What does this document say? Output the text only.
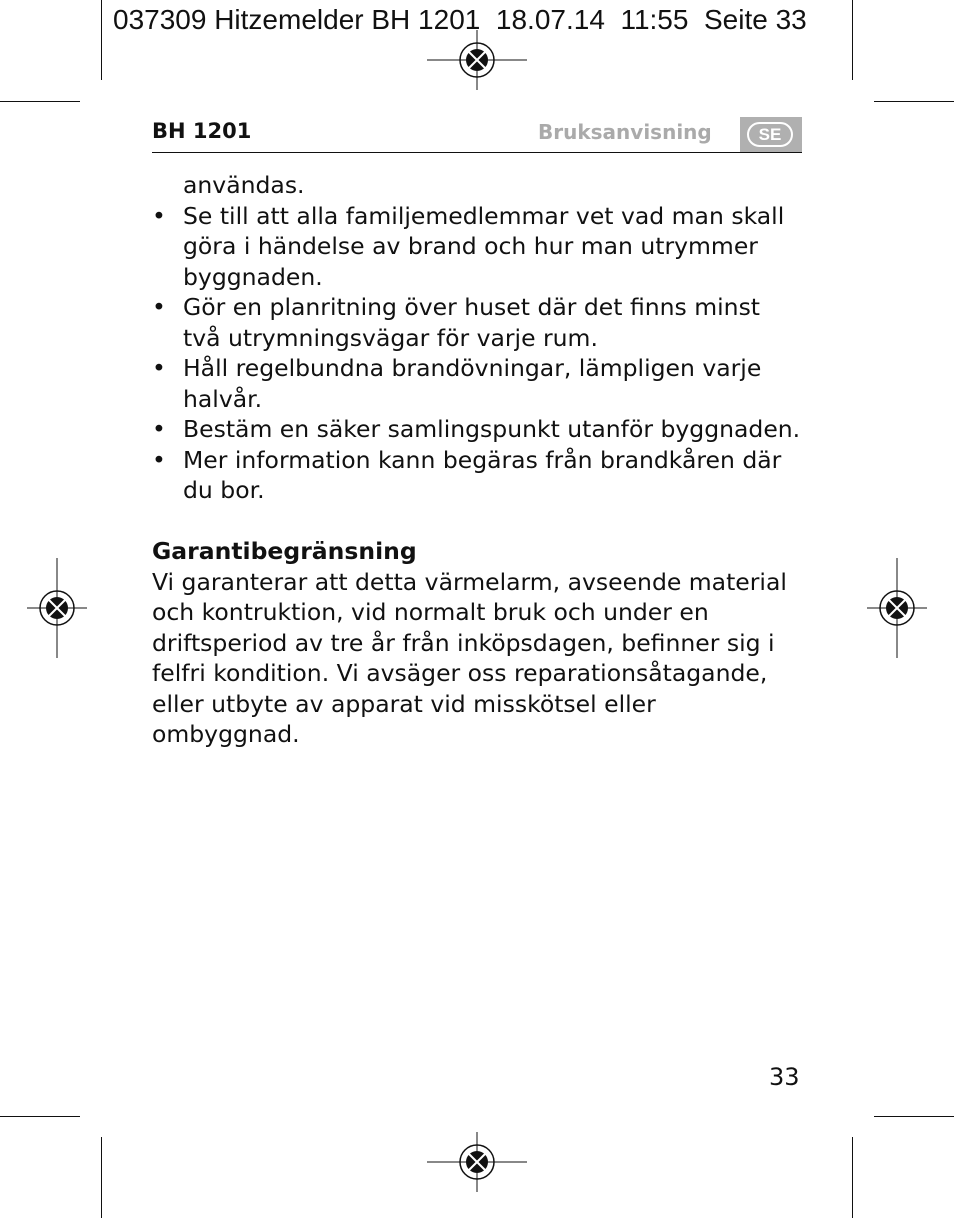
037309 Hitzemelder BH 1201  18.07.14  11:55  Seite 33
BH 1201	Bruksanvisning	SE

användas.

• Se till att alla familjemedlemmar vet vad man skall göra i händelse av brand och hur man utrymmer byggnaden.
• Gör en planritning över huset där det finns minst två utrymningsvägar för varje rum.
• Håll regelbundna brandövningar, lämpligen varje halvår.
• Bestäm en säker samlingspunkt utanför byggnaden.
• Mer information kann begäras från brandkåren där du bor.

Garantibegränsning

Vi garanterar att detta värmelarm, avseende material och kontruktion, vid normalt bruk och under en driftsperiod av tre år från inköpsdagen, befinner sig i felfri kondition. Vi avsäger oss reparationsåtagande, eller utbyte av apparat vid misskötsel eller ombyggnad.

33
